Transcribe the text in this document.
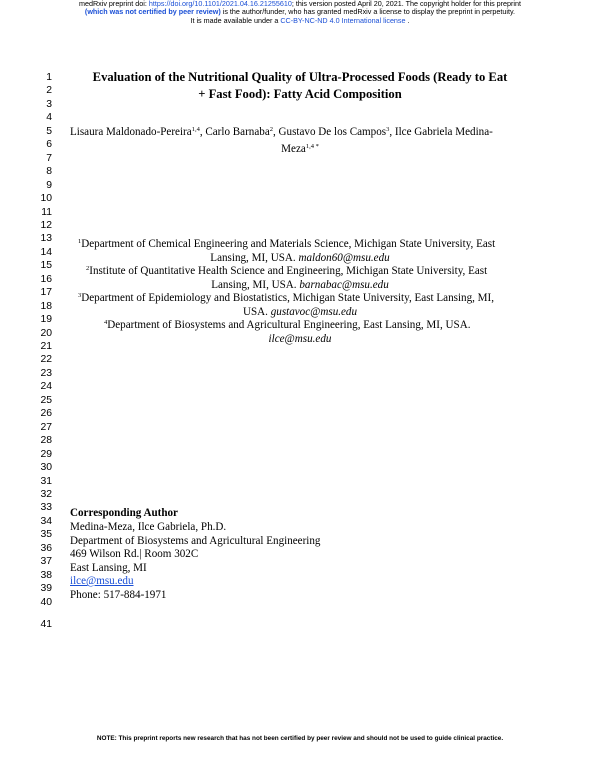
medRxiv preprint doi: https://doi.org/10.1101/2021.04.16.21255610; this version posted April 20, 2021. The copyright holder for this preprint
(which was not certified by peer review) is the author/funder, who has granted medRxiv a license to display the preprint in perpetuity.
It is made available under a CC-BY-NC-ND 4.0 International license .
1
2
3
4
5
6
7
8
9
10
11
12
13
14
15
16
17
18
19
20
21
22
23
24
25
26
27
28
29
30
31
32
33
34
35
36
37
38
39
40
41
Evaluation of the Nutritional Quality of Ultra-Processed Foods (Ready to Eat
+ Fast Food): Fatty Acid Composition
Lisaura Maldonado-Pereira$^{1,4}$, Carlo Barnaba$^2$, Gustavo De los Campos$^3$, Ilce Gabriela Medina-
Meza$^{1,4 *}$
$^1$Department of Chemical Engineering and Materials Science, Michigan State University, East
Lansing, MI, USA. maldon60@msu.edu
$^2$Institute of Quantitative Health Science and Engineering, Michigan State University, East
Lansing, MI, USA. barnabac@msu.edu
$^3$Department of Epidemiology and Biostatistics, Michigan State University, East Lansing, MI,
USA. gustavoc@msu.edu
$^4$Department of Biosystems and Agricultural Engineering, East Lansing, MI, USA.
ilce@msu.edu
Corresponding Author
Medina-Meza, Ilce Gabriela, Ph.D.
Department of Biosystems and Agricultural Engineering
469 Wilson Rd.| Room 302C
East Lansing, MI
ilce@msu.edu
Phone: 517-884-1971
NOTE: This preprint reports new research that has not been certified by peer review and should not be used to guide clinical practice.
